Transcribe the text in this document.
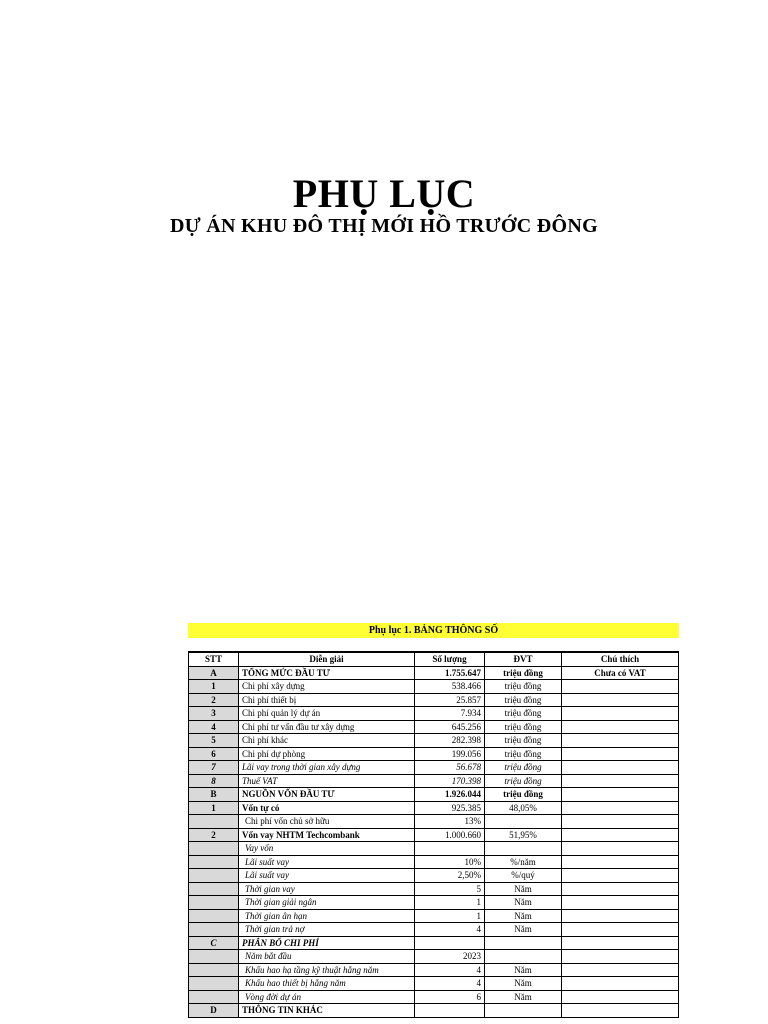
PHỤ LỤC
DỰ ÁN KHU ĐÔ THỊ MỚI HỒ TRƯỚC ĐÔNG
Phụ lục 1. BẢNG THÔNG SỐ
STT	Diễn giải	Số lượng	ĐVT	Chú thích
A	TỔNG MỨC ĐẦU TƯ	1.755.647	triệu đồng	Chưa có VAT
1	Chi phí xây dựng	538.466	triệu đồng	
2	Chi phí thiết bị	25.857	triệu đồng	
3	Chi phí quản lý dự án	7.934	triệu đồng	
4	Chi phí tư vấn đầu tư xây dựng	645.256	triệu đồng	
5	Chi phí khác	282.398	triệu đồng	
6	Chi phí dự phòng	199.056	triệu đồng	
7	Lãi vay trong thời gian xây dựng	56.678	triệu đồng	
8	Thuế VAT	170.398	triệu đồng	
B	NGUỒN VỐN ĐẦU TƯ	1.926.044	triệu đồng	
1	Vốn tự có	925.385	48,05%	
	Chi phí vốn chủ sở hữu	13%		
2	Vốn vay NHTM Techcombank	1.000.660	51,95%	
	Vay vốn			
	Lãi suất vay	10%	%/năm	
	Lãi suất vay	2,50%	%/quý	
	Thời gian vay	5	Năm	
	Thời gian giải ngân	1	Năm	
	Thời gian ân hạn	1	Năm	
	Thời gian trả nợ	4	Năm	
C	PHÂN BỔ CHI PHÍ			
	Năm bắt đầu	2023		
	Khấu hao hạ tầng kỹ thuật hằng năm	4	Năm	
	Khấu hao thiết bị hằng năm	4	Năm	
	Vòng đời dự án	6	Năm	
D	THÔNG TIN KHÁC			
